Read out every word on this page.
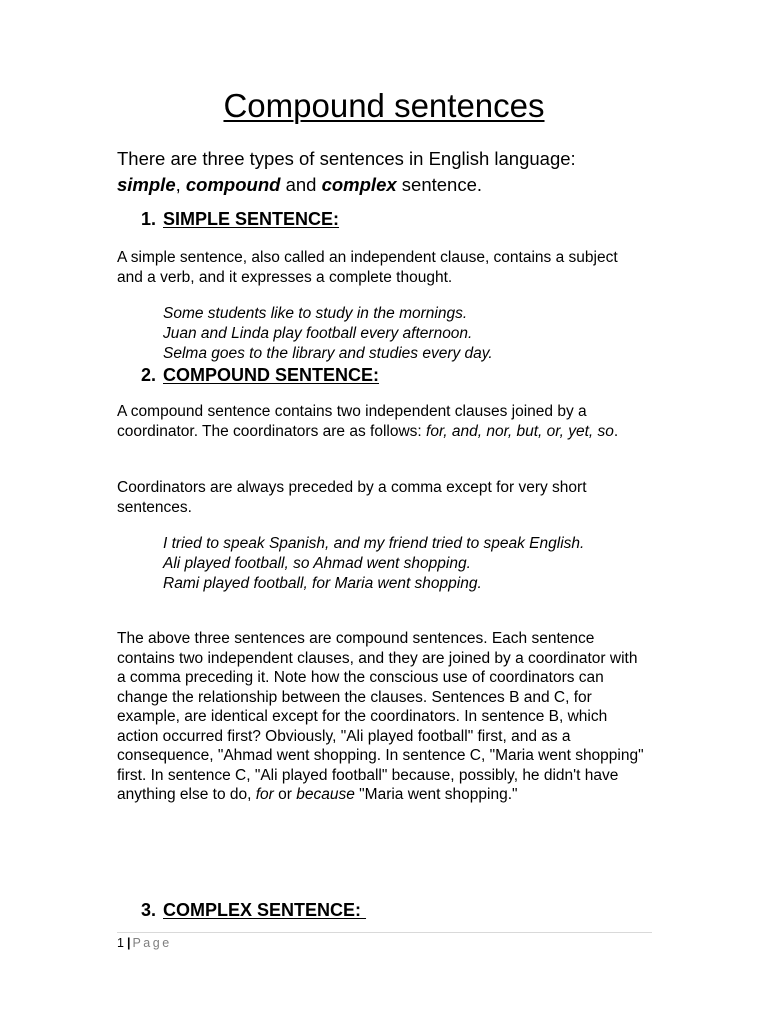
Compound sentences
There are three types of sentences in English language:
simple, compound and complex sentence.
1. SIMPLE SENTENCE:
A simple sentence, also called an independent clause, contains a subject and a verb, and it expresses a complete thought.
Some students like to study in the mornings.
Juan and Linda play football every afternoon.
Selma goes to the library and studies every day.
2. COMPOUND SENTENCE:
A compound sentence contains two independent clauses joined by a coordinator. The coordinators are as follows: for, and, nor, but, or, yet, so.
Coordinators are always preceded by a comma except for very short sentences.
I tried to speak Spanish, and my friend tried to speak English.
Ali played football, so Ahmad went shopping.
Rami played football, for Maria went shopping.
The above three sentences are compound sentences. Each sentence contains two independent clauses, and they are joined by a coordinator with a comma preceding it. Note how the conscious use of coordinators can change the relationship between the clauses. Sentences B and C, for example, are identical except for the coordinators. In sentence B, which action occurred first? Obviously, "Ali played football" first, and as a consequence, "Ahmad went shopping. In sentence C, "Maria went shopping" first. In sentence C, "Ali played football" because, possibly, he didn't have anything else to do, for or because "Maria went shopping."
3. COMPLEX SENTENCE:
1 | Page
